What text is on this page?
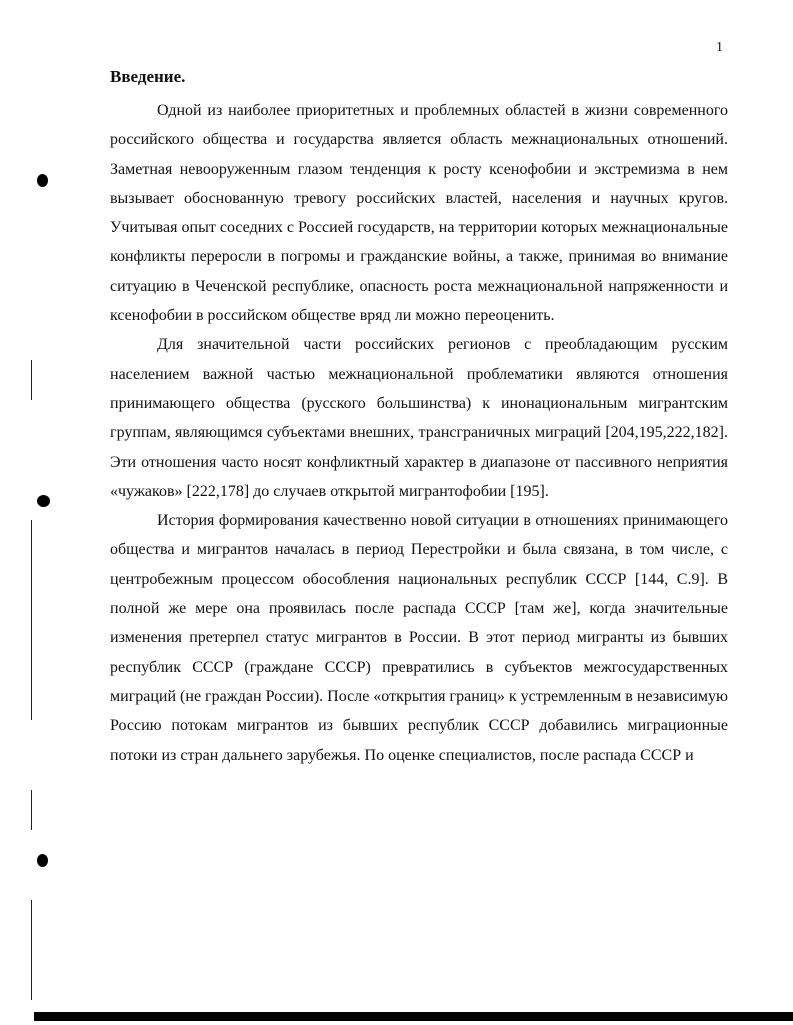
1
Введение.

Одной из наиболее приоритетных и проблемных областей в жизни современного российского общества и государства является область межнациональных отношений. Заметная невооруженным глазом тенденция к росту ксенофобии и экстремизма в нем вызывает обоснованную тревогу российских властей, населения и научных кругов. Учитывая опыт соседних с Россией государств, на территории которых межнациональные конфликты переросли в погромы и гражданские войны, а также, принимая во внимание ситуацию в Чеченской республике, опасность роста межнациональной напряженности и ксенофобии в российском обществе вряд ли можно переоценить.

Для значительной части российских регионов с преобладающим русским населением важной частью межнациональной проблематики являются отношения принимающего общества (русского большинства) к инонациональным мигрантским группам, являющимся субъектами внешних, трансграничных миграций [204,195,222,182]. Эти отношения часто носят конфликтный характер в диапазоне от пассивного неприятия «чужаков» [222,178] до случаев открытой мигрантофобии [195].

История формирования качественно новой ситуации в отношениях принимающего общества и мигрантов началась в период Перестройки и была связана, в том числе, с центробежным процессом обособления национальных республик СССР [144, С.9]. В полной же мере она проявилась после распада СССР [там же], когда значительные изменения претерпел статус мигрантов в России. В этот период мигранты из бывших республик СССР (граждане СССР) превратились в субъектов межгосударственных миграций (не граждан России). После «открытия границ» к устремленным в независимую Россию потокам мигрантов из бывших республик СССР добавились миграционные потоки из стран дальнего зарубежья. По оценке специалистов, после распада СССР и
